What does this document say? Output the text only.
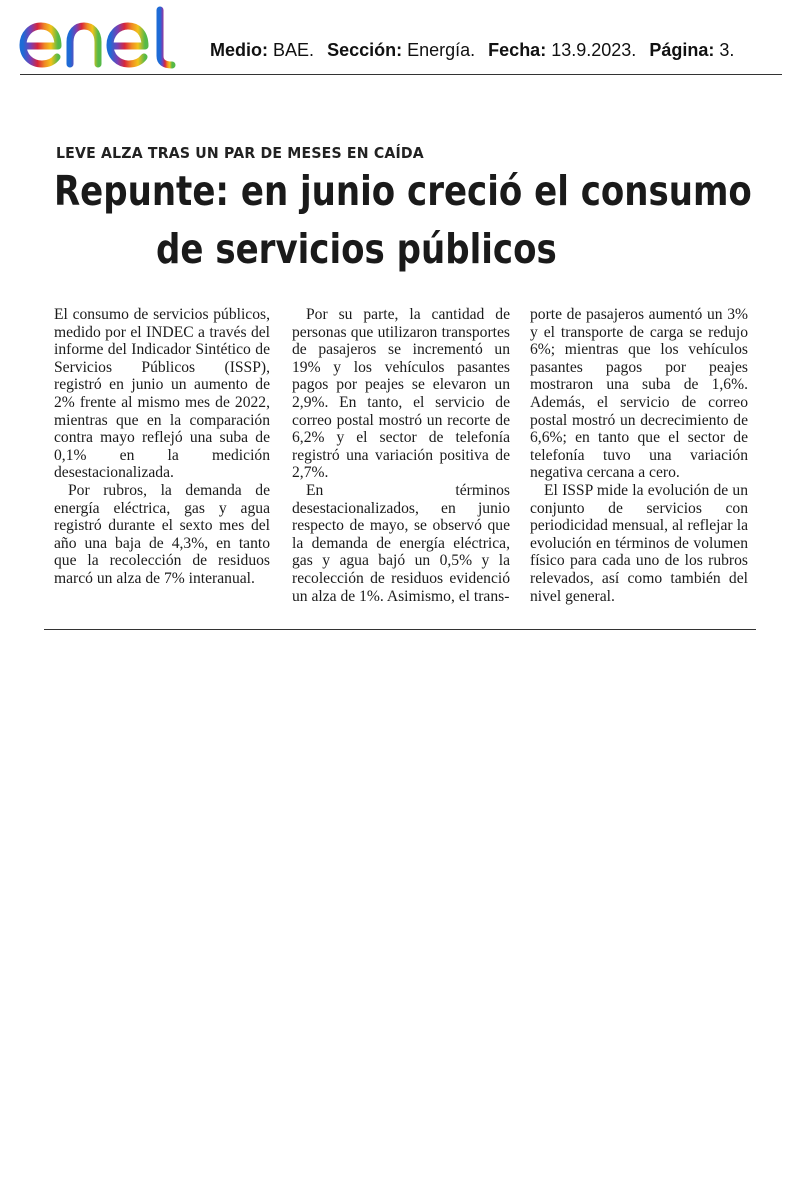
Medio: BAE. Sección: Energía. Fecha: 13.9.2023. Página: 3.
LEVE ALZA TRAS UN PAR DE MESES EN CAÍDA
Repunte: en junio creció el consumo
de servicios públicos

El consumo de servicios públicos, medido por el INDEC a través del informe del Indicador Sintético de Servicios Públicos (ISSP), registró en junio un aumento de 2% frente al mismo mes de 2022, mientras que en la comparación contra mayo reflejó una suba de 0,1% en la medición desestacionalizada.

Por rubros, la demanda de energía eléctrica, gas y agua registró durante el sexto mes del año una baja de 4,3%, en tanto que la recolección de residuos marcó un alza de 7% interanual.

Por su parte, la cantidad de personas que utilizaron transportes de pasajeros se incrementó un 19% y los vehículos pasantes pagos por peajes se elevaron un 2,9%. En tanto, el servicio de correo postal mostró un recorte de 6,2% y el sector de telefonía registró una variación positiva de 2,7%.

En términos desestacionalizados, en junio respecto de mayo, se observó que la demanda de energía eléctrica, gas y agua bajó un 0,5% y la recolección de residuos evidenció un alza de 1%. Asimismo, el trans-

porte de pasajeros aumentó un 3% y el transporte de carga se redujo 6%; mientras que los vehículos pasantes pagos por peajes mostraron una suba de 1,6%. Además, el servicio de correo postal mostró un decrecimiento de 6,6%; en tanto que el sector de telefonía tuvo una variación negativa cercana a cero.

El ISSP mide la evolución de un conjunto de servicios con periodicidad mensual, al reflejar la evolución en términos de volumen físico para cada uno de los rubros relevados, así como también del nivel general.
